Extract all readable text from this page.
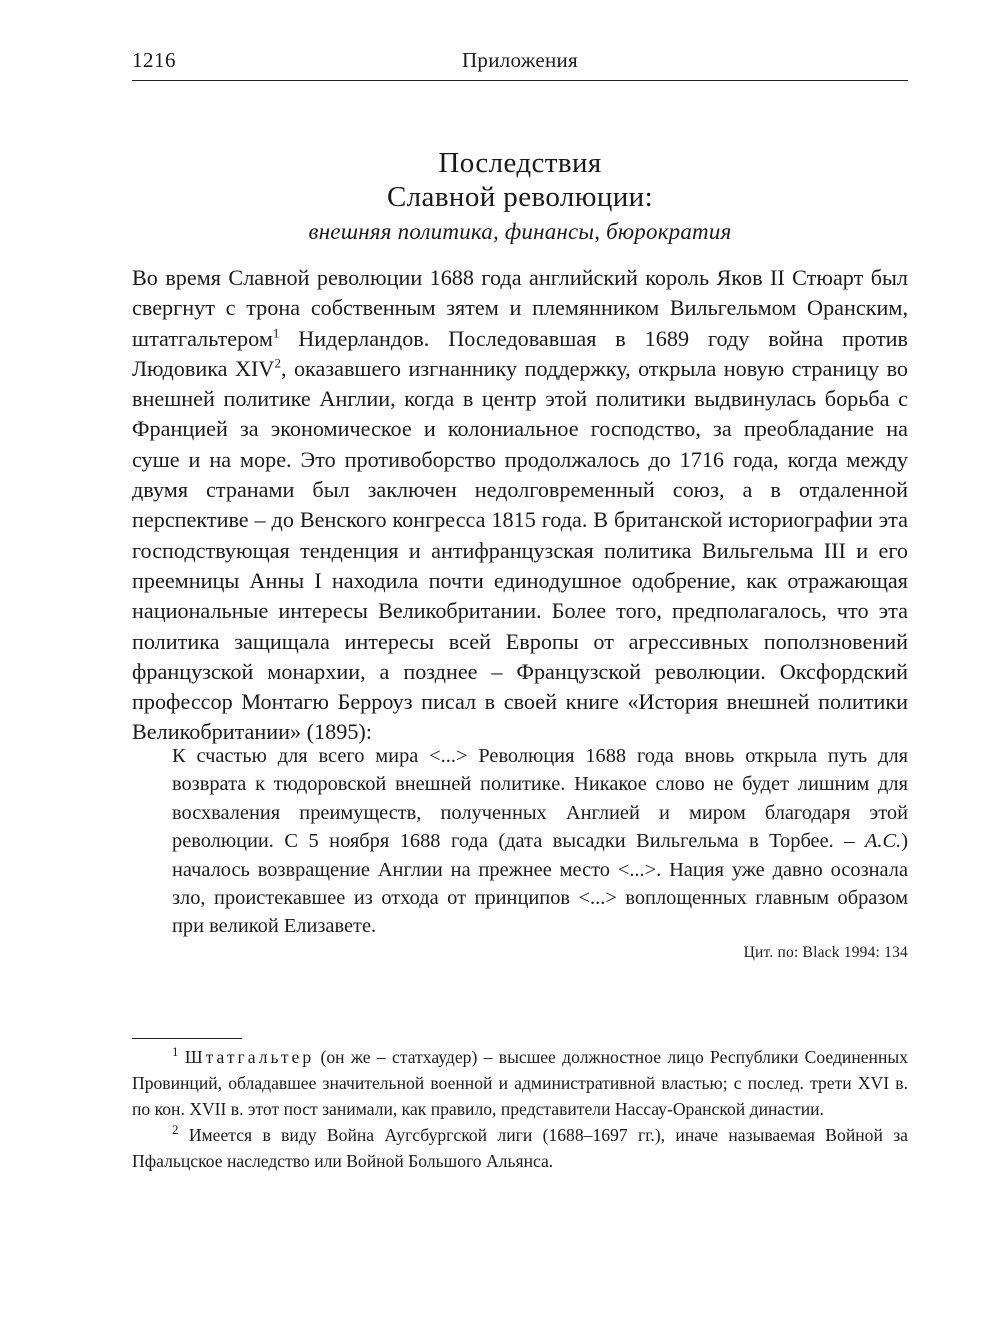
1216	Приложения
Последствия
Славной революции:
внешняя политика, финансы, бюрократия

Во время Славной революции 1688 года английский король Яков II Стюарт был свергнут с трона собственным зятем и племянником Вильгельмом Оранским, штатгальтером$^1$ Нидерландов. Последовавшая в 1689 году война против Людовика XIV$^2$, оказавшего изгнаннику поддержку, открыла новую страницу во внешней политике Англии, когда в центр этой политики выдвинулась борьба с Францией за экономическое и колониальное господство, за преобладание на суше и на море. Это противоборство продолжалось до 1716 года, когда между двумя странами был заключен недолговременный союз, а в отдаленной перспективе – до Венского конгресса 1815 года. В британской историографии эта господствующая тенденция и антифранцузская политика Вильгельма III и его преемницы Анны I находила почти единодушное одобрение, как отражающая национальные интересы Великобритании. Более того, предполагалось, что эта политика защищала интересы всей Европы от агрессивных поползновений французской монархии, а позднее – Французской революции. Оксфордский профессор Монтагю Берроуз писал в своей книге «История внешней политики Великобритании» (1895):

К счастью для всего мира <...> Революция 1688 года вновь открыла путь для возврата к тюдоровской внешней политике. Никакое слово не будет лишним для восхваления преимуществ, полученных Англией и миром благодаря этой революции. С 5 ноября 1688 года (дата высадки Вильгельма в Торбее. – А.С.) началось возвращение Англии на прежнее место <...>. Нация уже давно осознала зло, проистекавшее из отхода от принципов <...> воплощенных главным образом при великой Елизавете.

Цит. по: Black 1994: 134

$^1$ Штатгальтер (он же – статхаудер) – высшее должностное лицо Республики Соединенных Провинций, обладавшее значительной военной и административной властью; с послед. трети XVI в. по кон. XVII в. этот пост занимали, как правило, представители Нассау-Оранской династии.

$^2$ Имеется в виду Война Аугсбургской лиги (1688–1697 гг.), иначе называемая Войной за Пфальцское наследство или Войной Большого Альянса.
